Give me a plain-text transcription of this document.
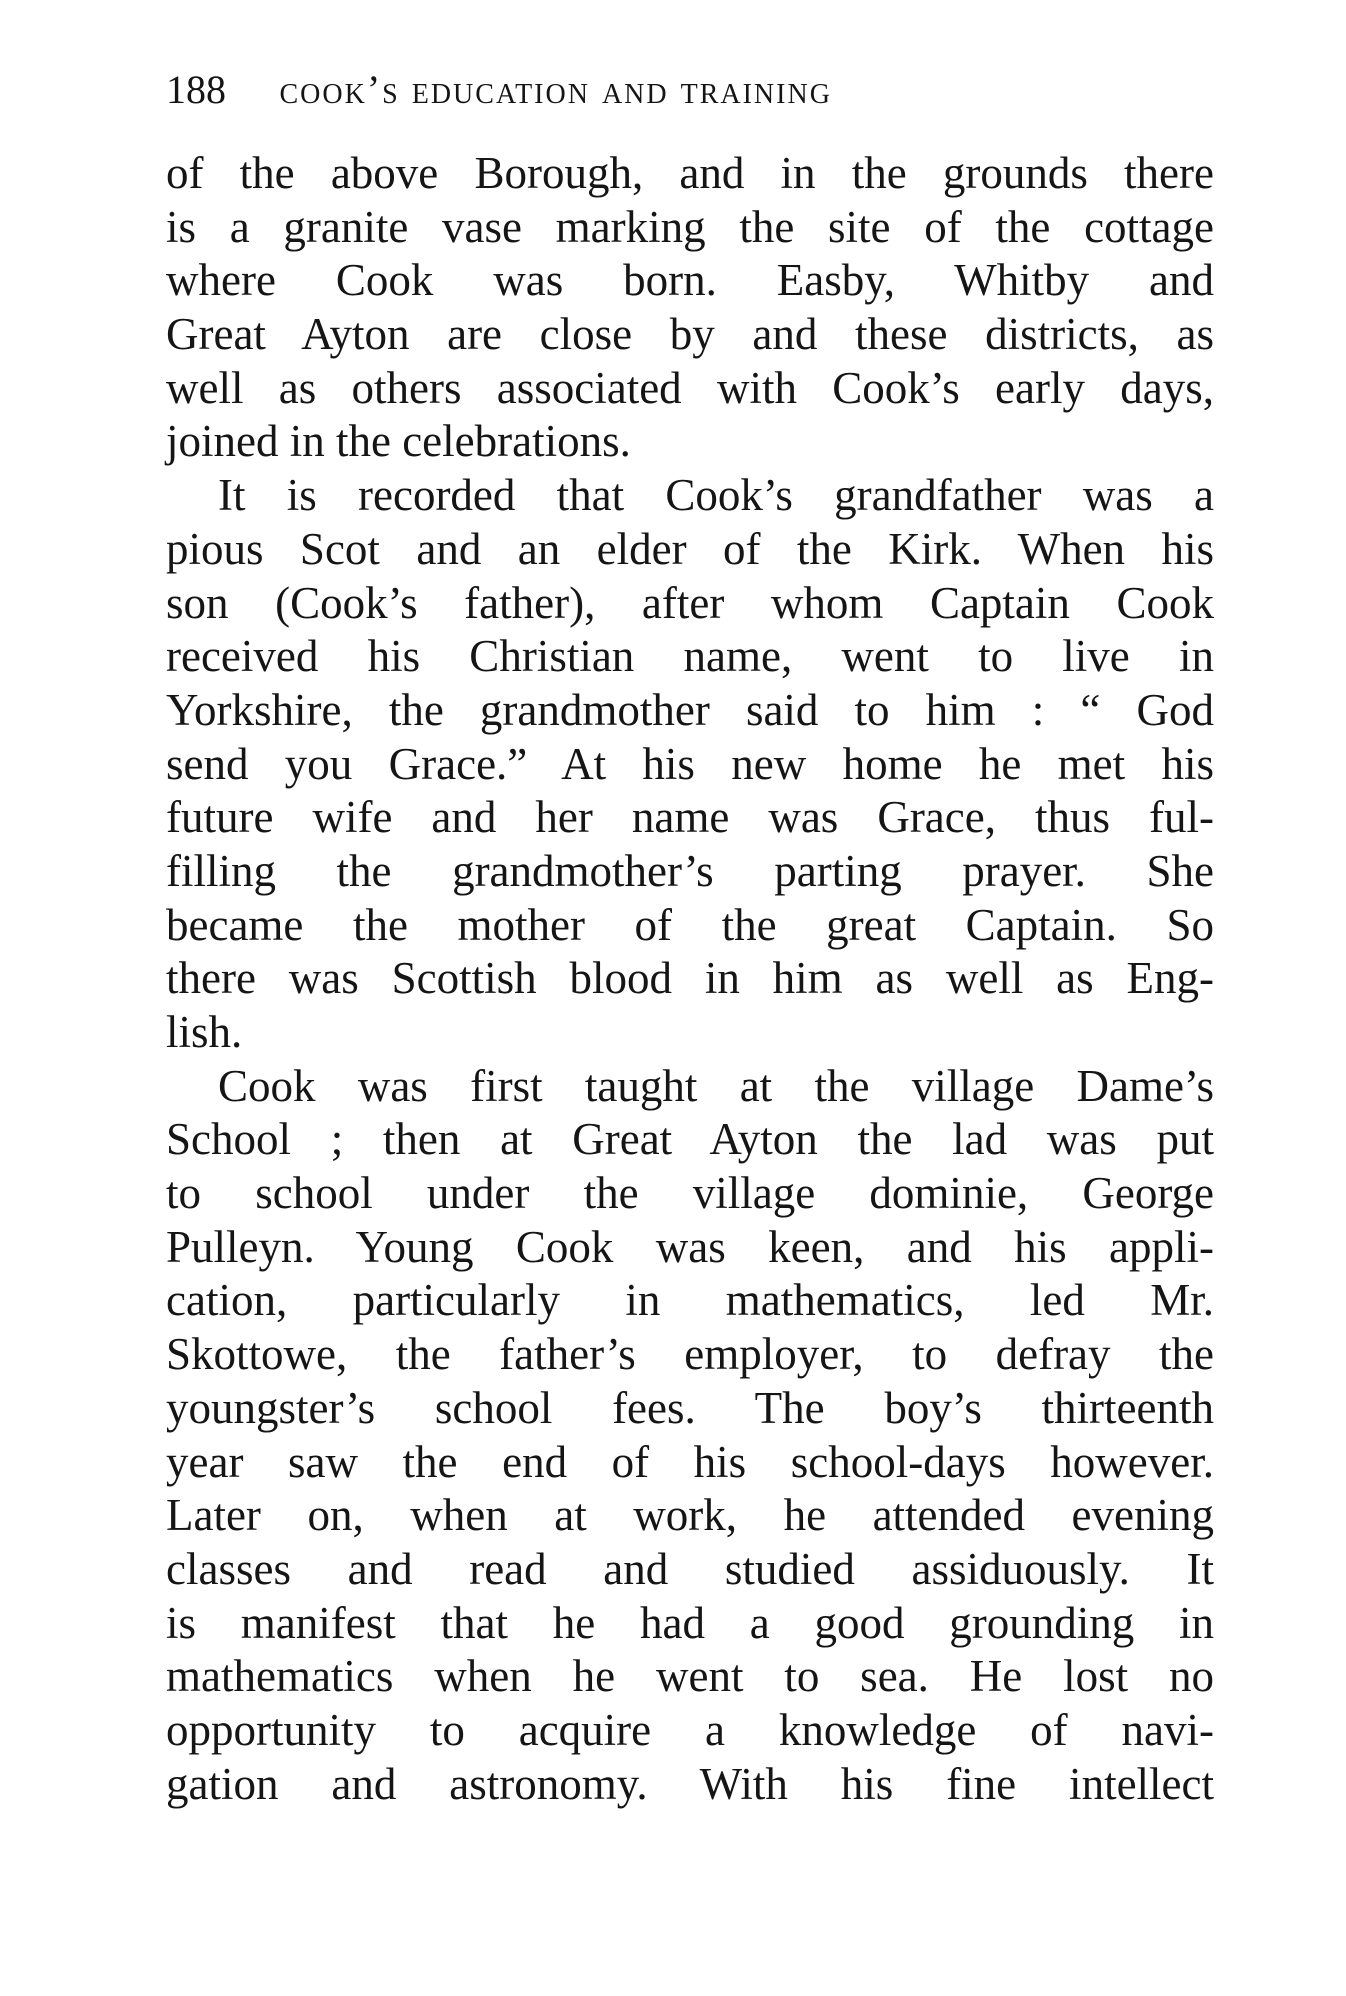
188 cook’s education and training
of the above Borough, and in the grounds there
is a granite vase marking the site of the cottage
where Cook was born. Easby, Whitby and
Great Ayton are close by and these districts, as
well as others associated with Cook’s early days,
joined in the celebrations.
It is recorded that Cook’s grandfather was a
pious Scot and an elder of the Kirk. When his
son (Cook’s father), after whom Captain Cook
received his Christian name, went to live in
Yorkshire, the grandmother said to him : “ God
send you Grace.” At his new home he met his
future wife and her name was Grace, thus ful-
filling the grandmother’s parting prayer. She
became the mother of the great Captain. So
there was Scottish blood in him as well as Eng-
lish.
Cook was first taught at the village Dame’s
School ; then at Great Ayton the lad was put
to school under the village dominie, George
Pulleyn. Young Cook was keen, and his appli-
cation, particularly in mathematics, led Mr.
Skottowe, the father’s employer, to defray the
youngster’s school fees. The boy’s thirteenth
year saw the end of his school-days however.
Later on, when at work, he attended evening
classes and read and studied assiduously. It
is manifest that he had a good grounding in
mathematics when he went to sea. He lost no
opportunity to acquire a knowledge of navi-
gation and astronomy. With his fine intellect
